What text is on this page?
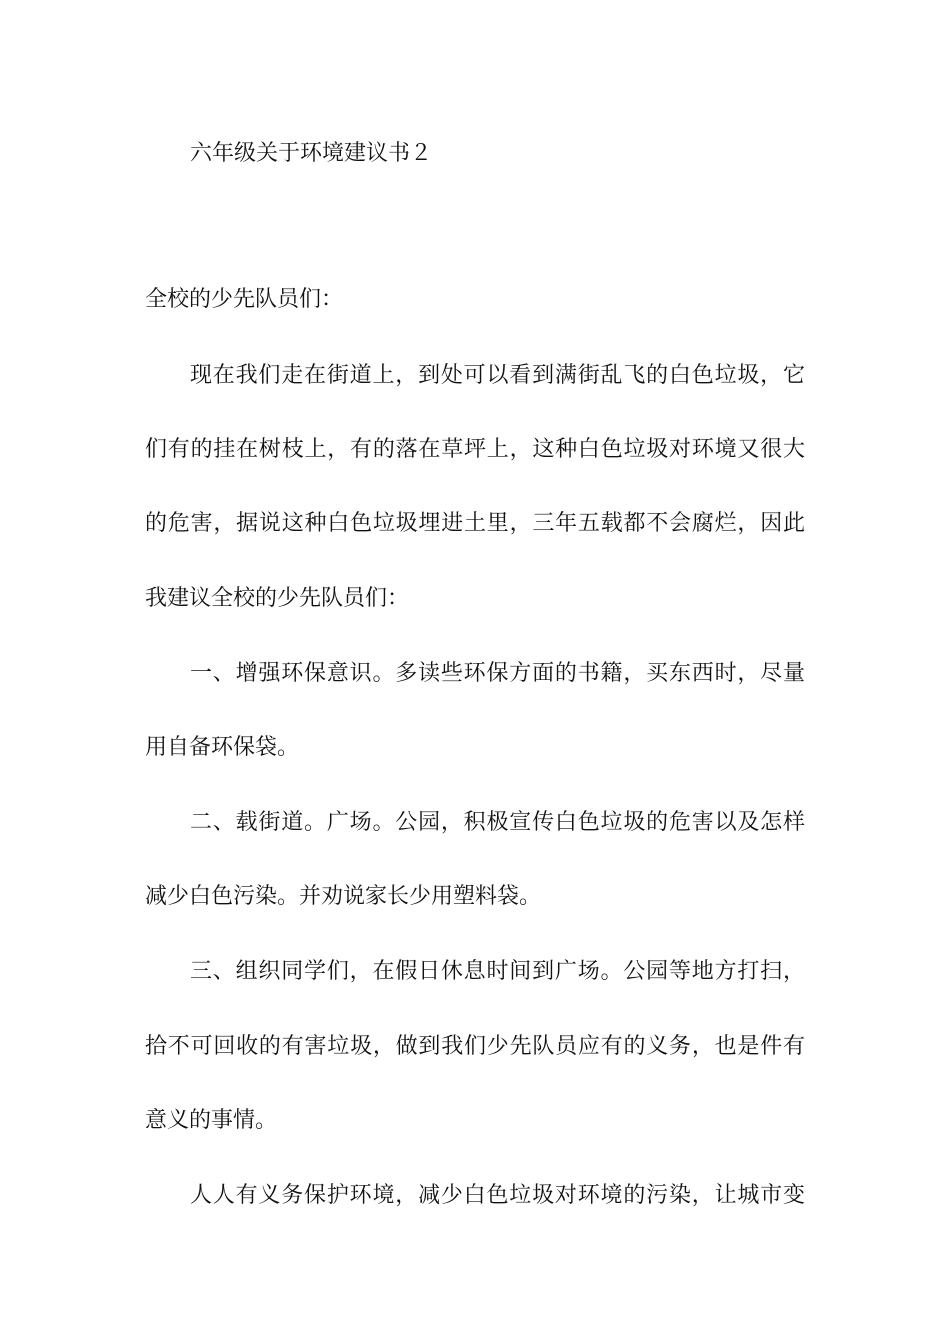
六年级关于环境建议书２
全校的少先队员们：
现在我们走在街道上，到处可以看到满街乱飞的白色垃圾，它
们有的挂在树枝上，有的落在草坪上，这种白色垃圾对环境又很大
的危害，据说这种白色垃圾埋进土里，三年五载都不会腐烂，因此
我建议全校的少先队员们：
一、增强环保意识。多读些环保方面的书籍，买东西时，尽量
用自备环保袋。
二、载街道。广场。公园，积极宣传白色垃圾的危害以及怎样
减少白色污染。并劝说家长少用塑料袋。
三、组织同学们，在假日休息时间到广场。公园等地方打扫，
拾不可回收的有害垃圾，做到我们少先队员应有的义务，也是件有
意义的事情。
人人有义务保护环境，减少白色垃圾对环境的污染，让城市变
